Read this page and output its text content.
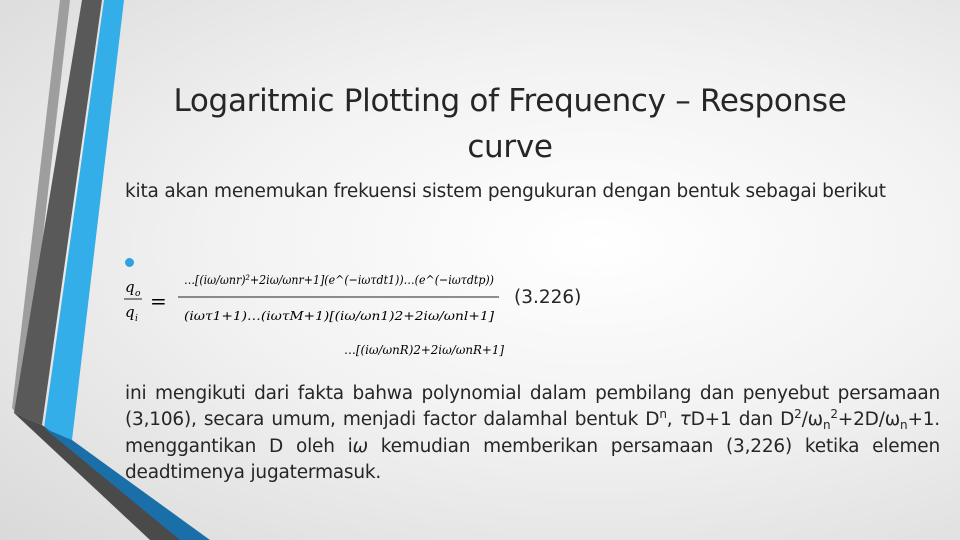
Logaritmic Plotting of Frequency – Response
curve
kita akan menemukan frekuensi sistem pengukuran dengan bentuk sebagai berikut
q o
q i
=
…[(iω/ωnr)²+2iω/ωnr+1](e^(−iωτdt1))…(e^(−iωτdtp))
(iωτ1+1)…(iωτM+1)[(iω/ωn1)2+2iω/ωnl+1]
…[(iω/ωnR)2+2iω/ωnR+1]
(3.226)
ini mengikuti dari fakta bahwa polynomial dalam pembilang dan penyebut persamaan (3,106), secara umum, menjadi factor dalamhal bentuk $D^n$, τD+1 dan $D^2/\omega_n^2+2D/\omega_n+1$. menggantikan D oleh iω kemudian memberikan persamaan (3,226) ketika elemen deadtimenya jugatermasuk.
